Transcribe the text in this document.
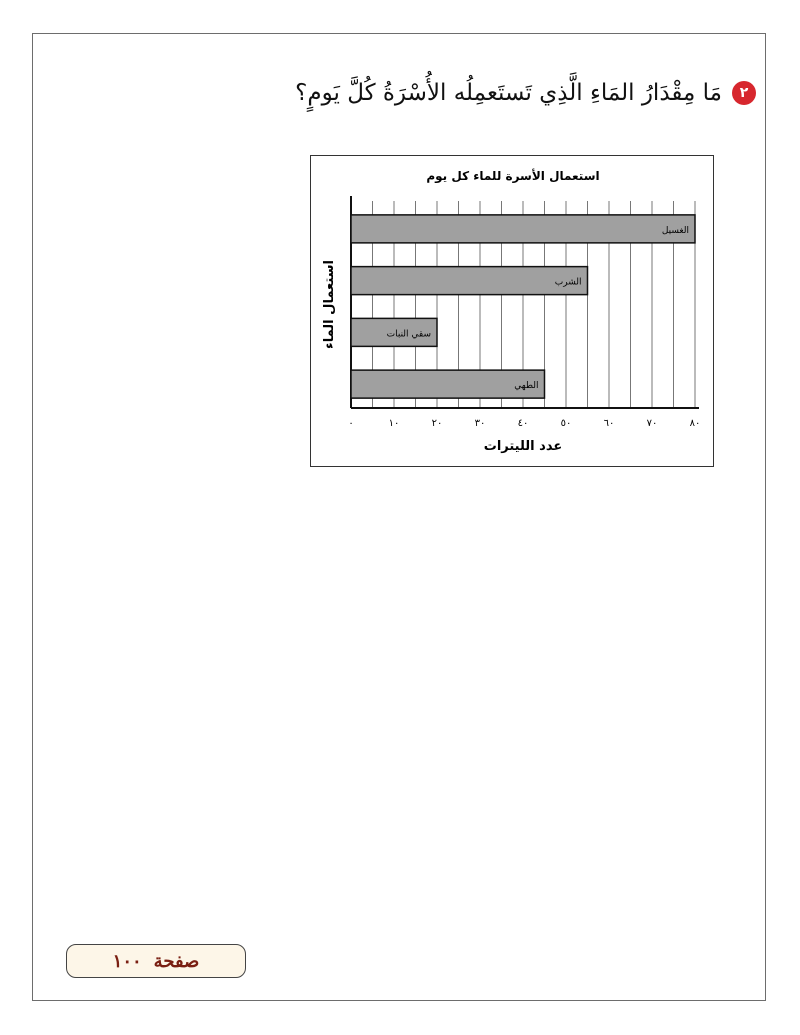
٢
مَا مِقْدَارُ المَاءِ الَّذِي تَستَعمِلُه الأُسْرَةُ كُلَّ يَومٍ؟
استعمال الأسرة للماء كل يوم
الغسيل
الشرب
سقي النبات
الطهي
٠	١٠	٢٠	٣٠	٤٠	٥٠	٦٠	٧٠	٨٠
عدد الليترات
استعمال الماء
صفحة
١٠٠
